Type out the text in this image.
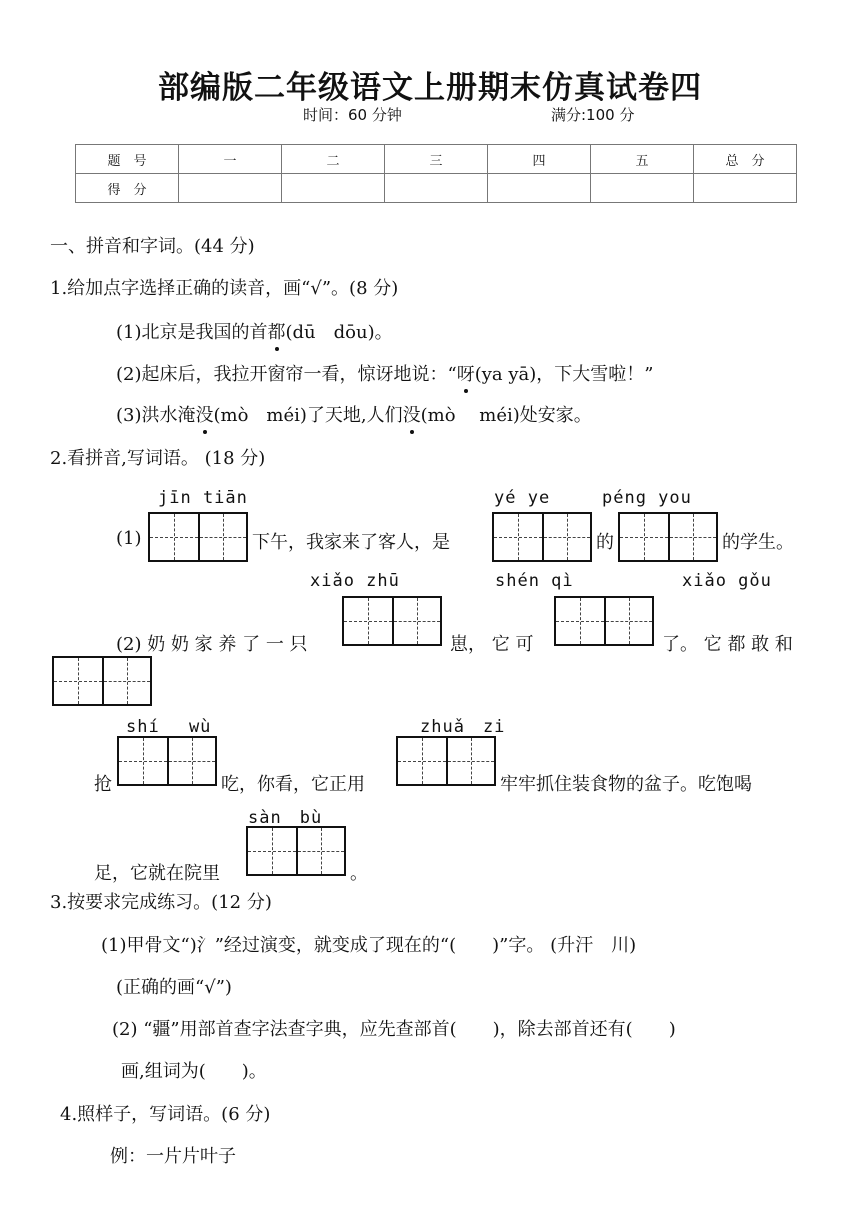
部编版二年级语文上册期末仿真试卷四
时间：60 分钟	满分:100 分
题　号	一	二	三	四	五	总　分
得　分						
一、拼音和字词。(44 分)
1.给加点字选择正确的读音，画“√”。(8 分)
(1)北京是我国的首都(dū　dōu)。
(2)起床后，我拉开窗帘一看，惊讶地说：“呀(ya yā)，下大雪啦！”
(3)洪水淹没(mò　méi)了天地,人们没(mò　 méi)处安家。
2.看拼音,写词语。 (18 分)
jīn tiān	yé ye	péng you
(1)	下午，我家来了客人，是	的	的学生。
xiǎo zhū	shén qì	xiǎo gǒu
(2) 奶 奶 家 养 了 一 只	崽， 它 可	了。 它 都 敢 和
shí　 wù	zhuǎ　zi
抢	吃，你看，它正用	牢牢抓住装食物的盆子。吃饱喝
sàn　bù
足，它就在院里	。
3.按要求完成练习。(12 分)
(1)甲骨文“)氵”经过演变，就变成了现在的“(　　)”字。 (升汗　川)
(正确的画“√”)
(2) “疆”用部首查字法查字典，应先查部首(　　)，除去部首还有(　　)
画,组词为(　　)。
4.照样子，写词语。(6 分)
例：一片片叶子
